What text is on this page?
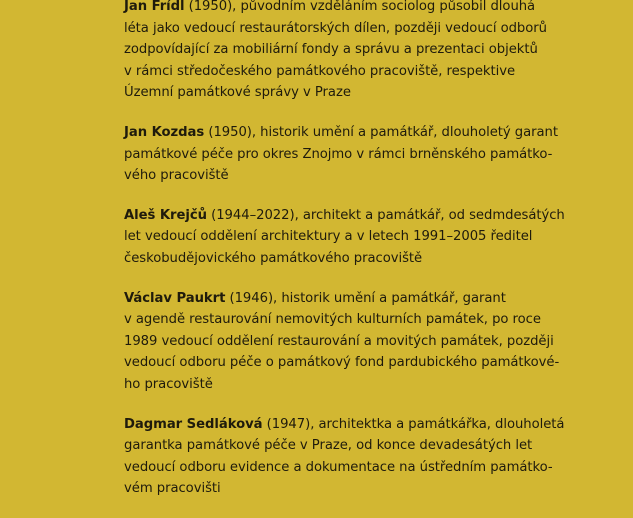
Jan Frídl (1950), původním vzděláním sociolog působil dlouhá
léta jako vedoucí restaurátorských dílen, později vedoucí odborů
zodpovídající za mobiliární fondy a správu a prezentaci objektů
v rámci středočeského památkového pracoviště, respektive
Územní památkové správy v Praze
Jan Kozdas (1950), historik umění a památkář, dlouholetý garant
památkové péče pro okres Znojmo v rámci brněnského památko-
vého pracoviště
Aleš Krejčů (1944–2022), architekt a památkář, od sedmdesátých
let vedoucí oddělení architektury a v letech 1991–2005 ředitel
českobudějovického památkového pracoviště
Václav Paukrt (1946), historik umění a památkář, garant
v agendě restaurování nemovitých kulturních památek, po roce
1989 vedoucí oddělení restaurování a movitých památek, později
vedoucí odboru péče o památkový fond pardubického památkové-
ho pracoviště
Dagmar Sedláková (1947), architektka a památkářka, dlouholetá
garantka památkové péče v Praze, od konce devadesátých let
vedoucí odboru evidence a dokumentace na ústředním památko-
vém pracovišti
